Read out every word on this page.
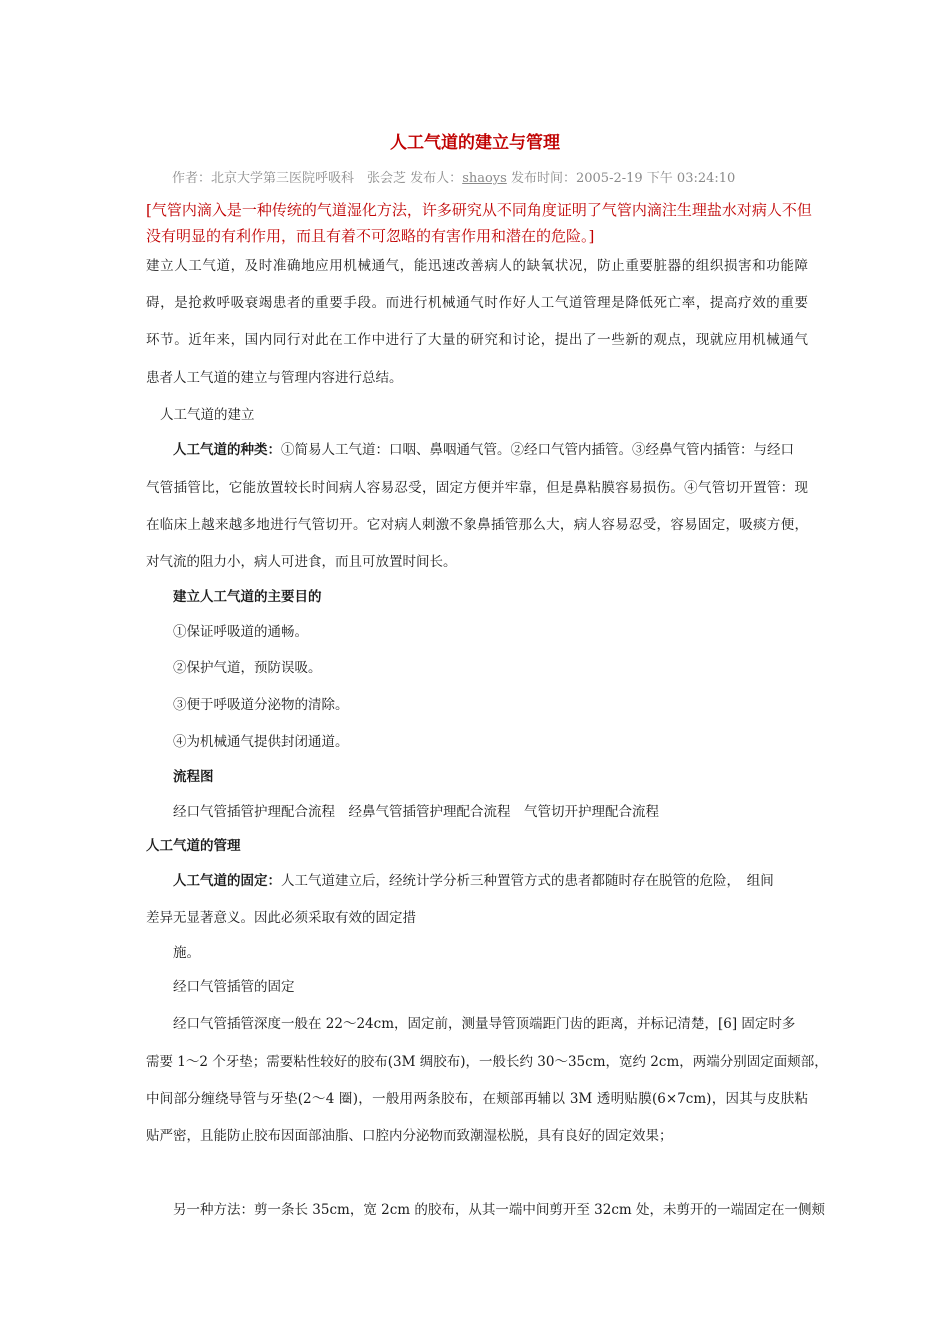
人工气道的建立与管理
作者：北京大学第三医院呼吸科　张会芝 发布人：shaoys 发布时间：2005-2-19 下午 03:24:10

[气管内滴入是一种传统的气道湿化方法，许多研究从不同角度证明了气管内滴注生理盐水对病人不但没有明显的有利作用，而且有着不可忽略的有害作用和潜在的危险。]

建立人工气道，及时准确地应用机械通气，能迅速改善病人的缺氧状况，防止重要脏器的组织损害和功能障

碍，是抢救呼吸衰竭患者的重要手段。而进行机械通气时作好人工气道管理是降低死亡率，提高疗效的重要

环节。近年来，国内同行对此在工作中进行了大量的研究和讨论，提出了一些新的观点，现就应用机械通气

患者人工气道的建立与管理内容进行总结。

人工气道的建立

人工气道的种类：①简易人工气道：口咽、鼻咽通气管。②经口气管内插管。③经鼻气管内插管：与经口

气管插管比，它能放置较长时间病人容易忍受，固定方便并牢靠，但是鼻粘膜容易损伤。④气管切开置管：现

在临床上越来越多地进行气管切开。它对病人刺激不象鼻插管那么大，病人容易忍受，容易固定，吸痰方便，

对气流的阻力小，病人可进食，而且可放置时间长。

建立人工气道的主要目的

①保证呼吸道的通畅。

②保护气道，预防误吸。

③便于呼吸道分泌物的清除。

④为机械通气提供封闭通道。

流程图

经口气管插管护理配合流程　 经鼻气管插管护理配合流程　 气管切开护理配合流程

人工气道的管理

人工气道的固定：人工气道建立后，经统计学分析三种置管方式的患者都随时存在脱管的危险，　组间

差异无显著意义。因此必须采取有效的固定措

施。

经口气管插管的固定

经口气管插管深度一般在 22～24cm，固定前，测量导管顶端距门齿的距离，并标记清楚，[6] 固定时多

需要 1～2 个牙垫；需要粘性较好的胶布(3M 绸胶布)，一般长约 30～35cm，宽约 2cm，两端分别固定面颊部，

中间部分缠绕导管与牙垫(2～4 圈)，一般用两条胶布，在颊部再辅以 3M 透明贴膜(6×7cm)，因其与皮肤粘

贴严密，且能防止胶布因面部油脂、口腔内分泌物而致潮湿松脱，具有良好的固定效果；

另一种方法：剪一条长 35cm，宽 2cm 的胶布，从其一端中间剪开至 32cm 处，未剪开的一端固定在一侧颊
